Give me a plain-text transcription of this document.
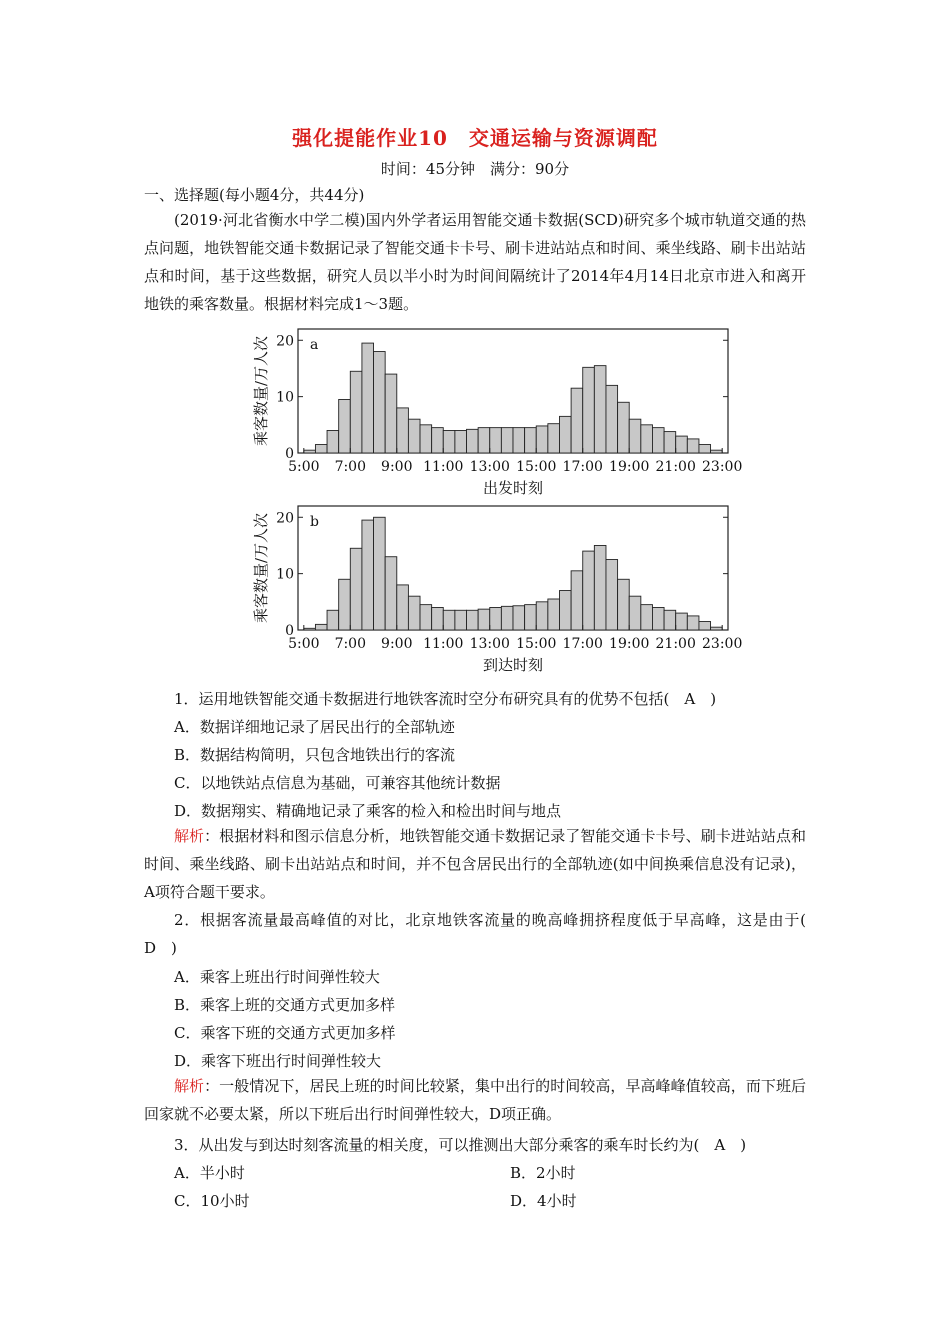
强化提能作业10　交通运输与资源调配
时间：45分钟　满分：90分
一、选择题(每小题4分，共44分)
(2019·河北省衡水中学二模)国内外学者运用智能交通卡数据(SCD)研究多个城市轨道交通的热点问题，地铁智能交通卡数据记录了智能交通卡卡号、刷卡进站站点和时间、乘坐线路、刷卡出站站点和时间，基于这些数据，研究人员以半小时为时间间隔统计了2014年4月14日北京市进入和离开地铁的乘客数量。根据材料完成1～3题。
0
10
20
5:00 7:00 9:00 11:00 13:00 15:00 17:00 19:00 21:00 23:00
a
乘客数量/万人次
出发时刻
0
10
20
5:00 7:00 9:00 11:00 13:00 15:00 17:00 19:00 21:00 23:00
b
乘客数量/万人次
到达时刻
1．运用地铁智能交通卡数据进行地铁客流时空分布研究具有的优势不包括(　A　)
A．数据详细地记录了居民出行的全部轨迹
B．数据结构简明，只包含地铁出行的客流
C．以地铁站点信息为基础，可兼容其他统计数据
D．数据翔实、精确地记录了乘客的检入和检出时间与地点
解析：根据材料和图示信息分析，地铁智能交通卡数据记录了智能交通卡卡号、刷卡进站站点和时间、乘坐线路、刷卡出站站点和时间，并不包含居民出行的全部轨迹(如中间换乘信息没有记录)，A项符合题干要求。
2．根据客流量最高峰值的对比，北京地铁客流量的晚高峰拥挤程度低于早高峰，这是由于(　D　)
A．乘客上班出行时间弹性较大
B．乘客上班的交通方式更加多样
C．乘客下班的交通方式更加多样
D．乘客下班出行时间弹性较大
解析：一般情况下，居民上班的时间比较紧，集中出行的时间较高，早高峰峰值较高，而下班后回家就不必要太紧，所以下班后出行时间弹性较大，D项正确。
3．从出发与到达时刻客流量的相关度，可以推测出大部分乘客的乘车时长约为(　A　)
A．半小时	B．2小时
C．10小时	D．4小时
